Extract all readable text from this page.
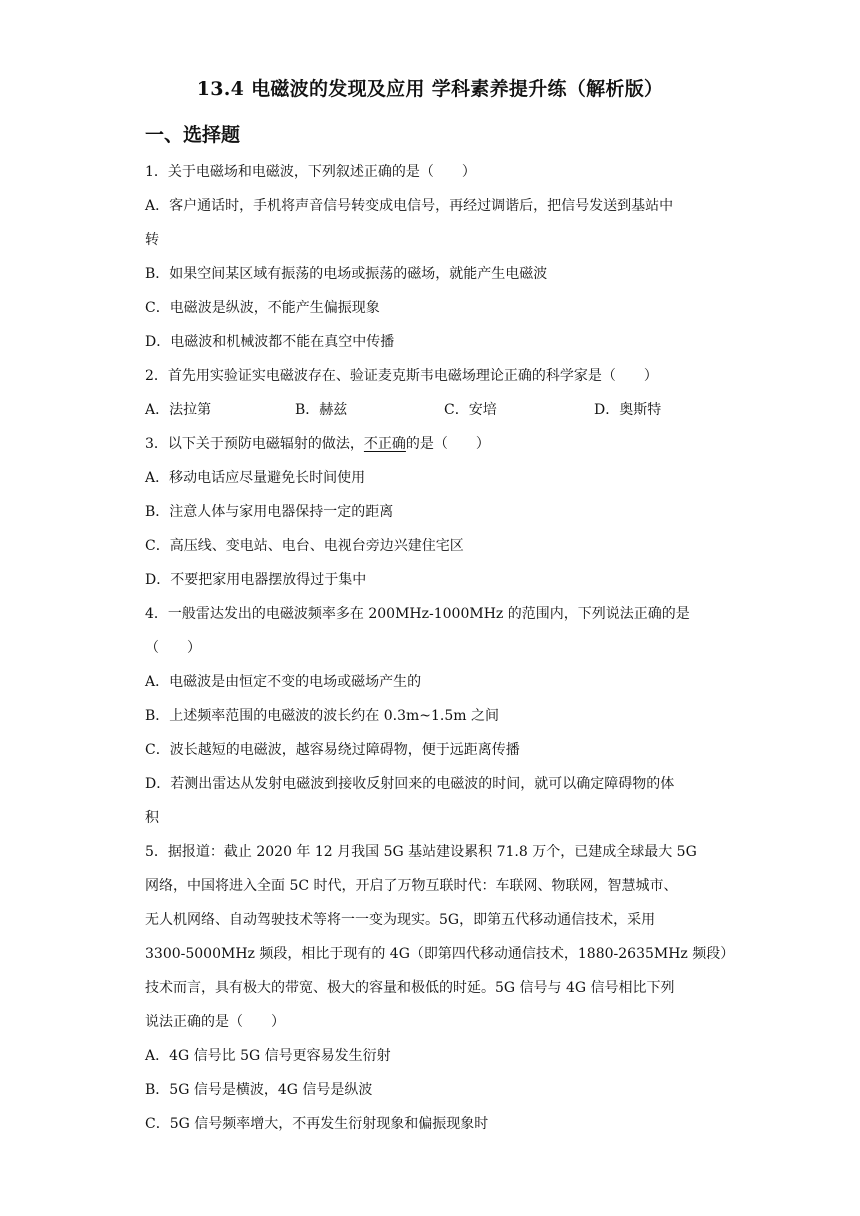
13.4 电磁波的发现及应用 学科素养提升练（解析版）
一、选择题
1．关于电磁场和电磁波，下列叙述正确的是（　　）
A．客户通话时，手机将声音信号转变成电信号，再经过调谐后，把信号发送到基站中
转
B．如果空间某区域有振荡的电场或振荡的磁场，就能产生电磁波
C．电磁波是纵波，不能产生偏振现象
D．电磁波和机械波都不能在真空中传播
2．首先用实验证实电磁波存在、验证麦克斯韦电磁场理论正确的科学家是（　　）
A．法拉第	B．赫兹	C．安培	D．奥斯特
3．以下关于预防电磁辐射的做法，不正确的是（　　）
A．移动电话应尽量避免长时间使用
B．注意人体与家用电器保持一定的距离
C．高压线、变电站、电台、电视台旁边兴建住宅区
D．不要把家用电器摆放得过于集中
4．一般雷达发出的电磁波频率多在 200MHz-1000MHz 的范围内，下列说法正确的是
（　　）
A．电磁波是由恒定不变的电场或磁场产生的
B．上述频率范围的电磁波的波长约在 0.3m~1.5m 之间
C．波长越短的电磁波，越容易绕过障碍物，便于远距离传播
D．若测出雷达从发射电磁波到接收反射回来的电磁波的时间，就可以确定障碍物的体
积
5．据报道：截止 2020 年 12 月我国 5G 基站建设累积 71.8 万个，已建成全球最大 5G
网络，中国将进入全面 5C 时代，开启了万物互联时代：车联网、物联网，智慧城市、
无人机网络、自动驾驶技术等将一一变为现实。5G，即第五代移动通信技术，采用
3300-5000MHz 频段，相比于现有的 4G（即第四代移动通信技术，1880-2635MHz 频段）
技术而言，具有极大的带宽、极大的容量和极低的时延。5G 信号与 4G 信号相比下列
说法正确的是（　　）
A．4G 信号比 5G 信号更容易发生衍射
B．5G 信号是横波，4G 信号是纵波
C．5G 信号频率增大，不再发生衍射现象和偏振现象时
